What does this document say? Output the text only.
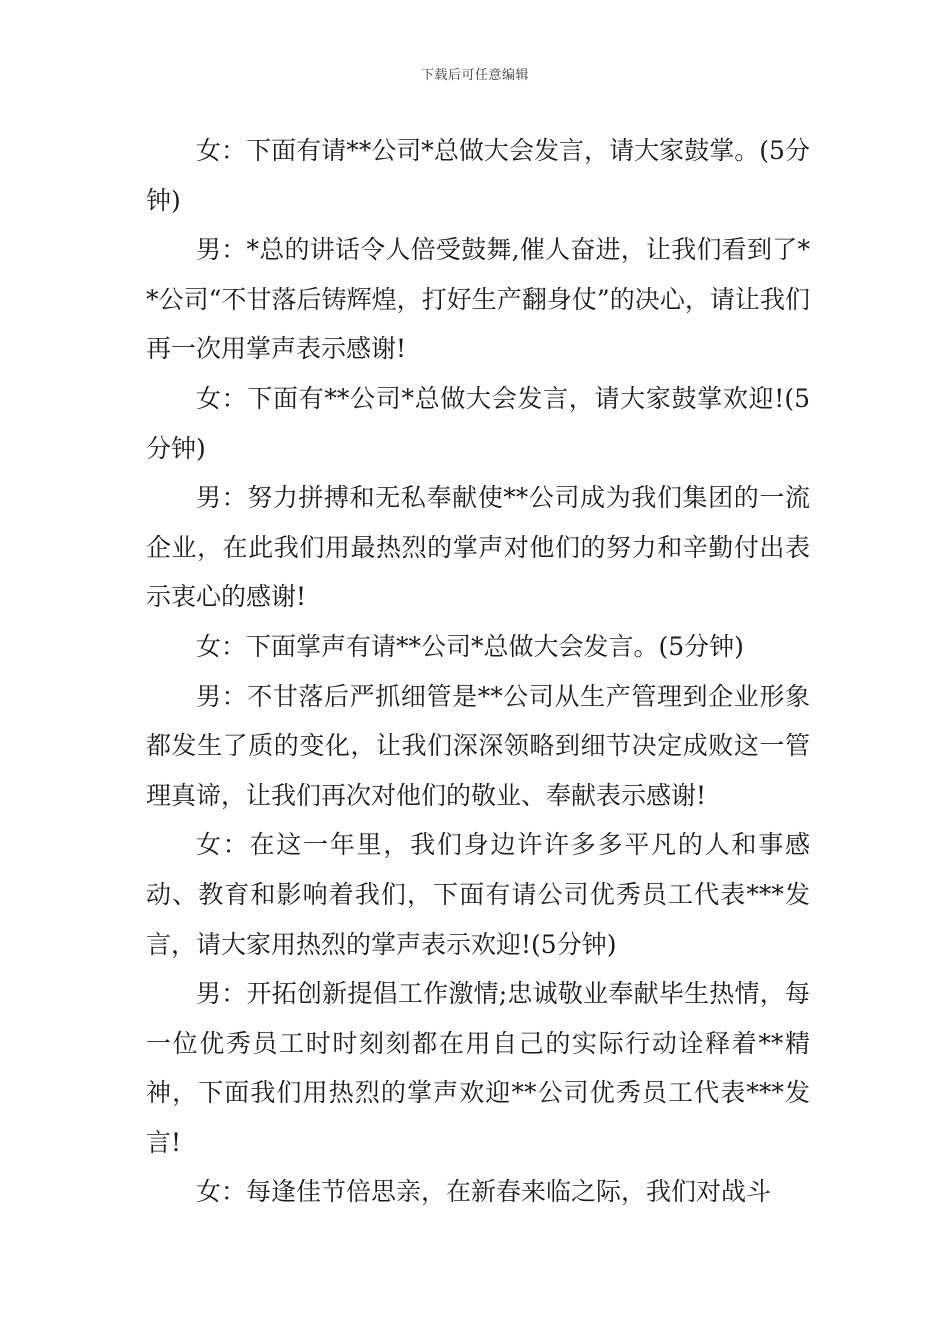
下载后可任意编辑

女：下面有请**公司*总做大会发言，请大家鼓掌。(5分钟)

男：*总的讲话令人倍受鼓舞,催人奋进，让我们看到了**公司“不甘落后铸辉煌，打好生产翻身仗”的决心，请让我们再一次用掌声表示感谢!

女：下面有**公司*总做大会发言，请大家鼓掌欢迎!(5分钟)

男：努力拼搏和无私奉献使**公司成为我们集团的一流企业，在此我们用最热烈的掌声对他们的努力和辛勤付出表示衷心的感谢!

女：下面掌声有请**公司*总做大会发言。(5分钟)

男：不甘落后严抓细管是**公司从生产管理到企业形象都发生了质的变化，让我们深深领略到细节决定成败这一管理真谛，让我们再次对他们的敬业、奉献表示感谢!

女：在这一年里，我们身边许许多多平凡的人和事感动、教育和影响着我们，下面有请公司优秀员工代表***发言，请大家用热烈的掌声表示欢迎!(5分钟)

男：开拓创新提倡工作激情;忠诚敬业奉献毕生热情，每一位优秀员工时时刻刻都在用自己的实际行动诠释着**精神，下面我们用热烈的掌声欢迎**公司优秀员工代表***发言!

女：每逢佳节倍思亲，在新春来临之际，我们对战斗
